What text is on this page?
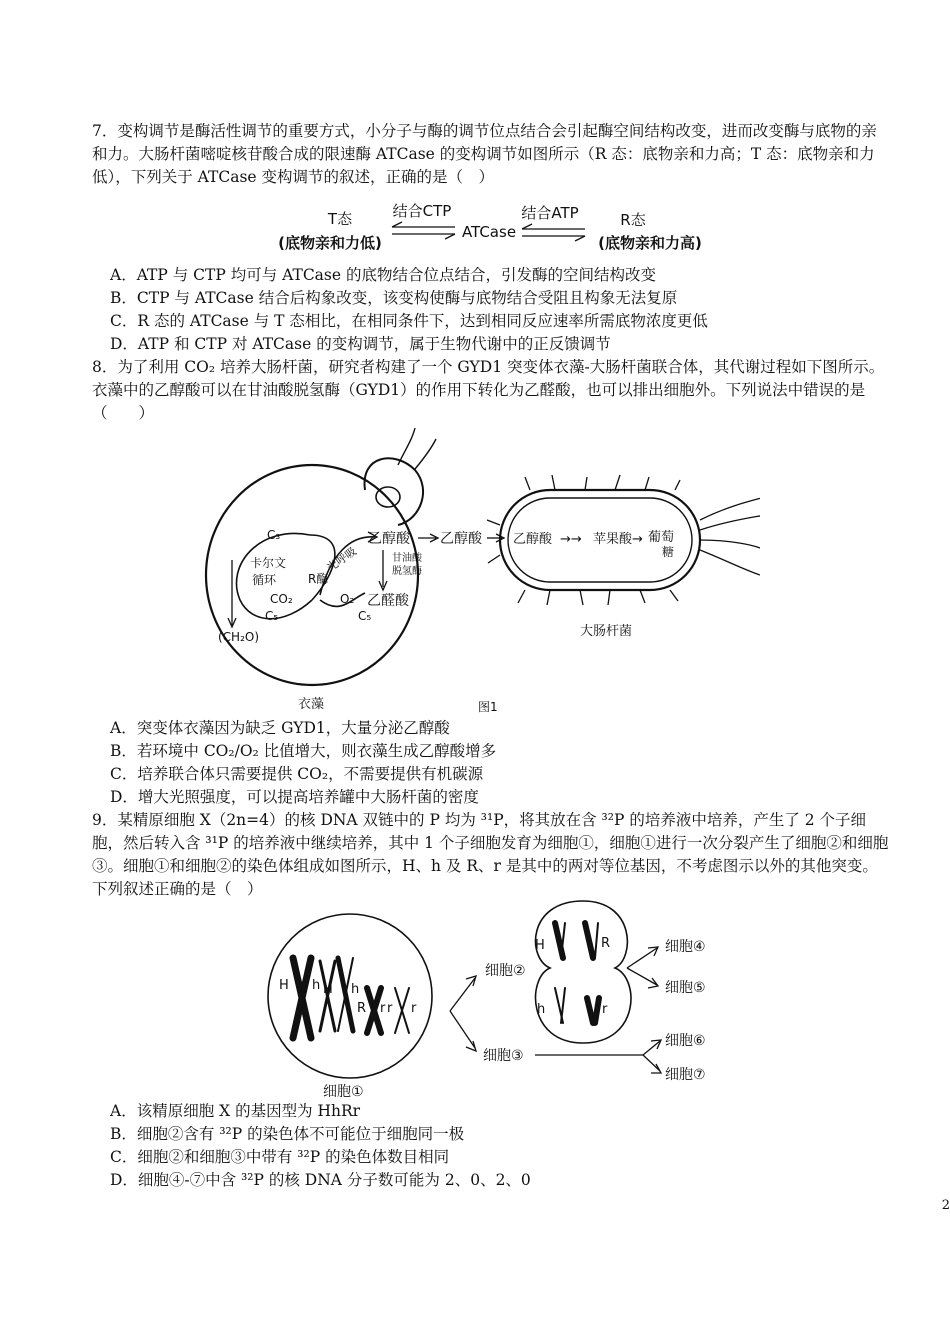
7．变构调节是酶活性调节的重要方式，小分子与酶的调节位点结合会引起酶空间结构改变，进而改变酶与底物的亲和力。大肠杆菌嘧啶核苷酸合成的限速酶 ATCase 的变构调节如图所示（R 态：底物亲和力高；T 态：底物亲和力低），下列关于 ATCase 变构调节的叙述，正确的是（　）

T态
(底物亲和力低)
结合CTP
ATCase
结合ATP	R态
(底物亲和力高)
A．ATP 与 CTP 均可与 ATCase 的底物结合位点结合，引发酶的空间结构改变
B．CTP 与 ATCase 结合后构象改变，该变构使酶与底物结合受阻且构象无法复原
C．R 态的 ATCase 与 T 态相比，在相同条件下，达到相同反应速率所需底物浓度更低
D．ATP 和 CTP 对 ATCase 的变构调节，属于生物代谢中的正反馈调节

8．为了利用 CO₂ 培养大肠杆菌，研究者构建了一个 GYD1 突变体衣藻-大肠杆菌联合体，其代谢过程如下图所示。衣藻中的乙醇酸可以在甘油酸脱氢酶（GYD1）的作用下转化为乙醛酸，也可以排出细胞外。下列说法中错误的是（　　）

C₃
卡尔文
循环
CO₂
C₅
(CH₂O)
光呼吸
R酶
O₂
C₅
乙醇酸
甘油酸
脱氢酶
乙醛酸
乙醇酸 乙醇酸 →→ 苹果酸 → 葡萄
糖
大肠杆菌
衣藻	图1
A．突变体衣藻因为缺乏 GYD1，大量分泌乙醇酸
B．若环境中 CO₂/O₂ 比值增大，则衣藻生成乙醇酸增多
C．培养联合体只需要提供 CO₂，不需要提供有机碳源
D．增大光照强度，可以提高培养罐中大肠杆菌的密度

9．某精原细胞 X（2n=4）的核 DNA 双链中的 P 均为 ³¹P，将其放在含 ³²P 的培养液中培养，产生了 2 个子细胞，然后转入含 ³¹P 的培养液中继续培养，其中 1 个子细胞发育为细胞①，细胞①进行一次分裂产生了细胞②和细胞③。细胞①和细胞②的染色体组成如图所示，H、h 及 R、r 是其中的两对等位基因，不考虑图示以外的其他突变。下列叙述正确的是（　）

H h H h
R r r r
细胞①
细胞②
细胞③
H	R
h	r
细胞④
细胞⑤
细胞⑥
细胞⑦
A．该精原细胞 X 的基因型为 HhRr
B．细胞②含有 ³²P 的染色体不可能位于细胞同一极
C．细胞②和细胞③中带有 ³²P 的染色体数目相同
D．细胞④-⑦中含 ³²P 的核 DNA 分子数可能为 2、0、2、0
2
